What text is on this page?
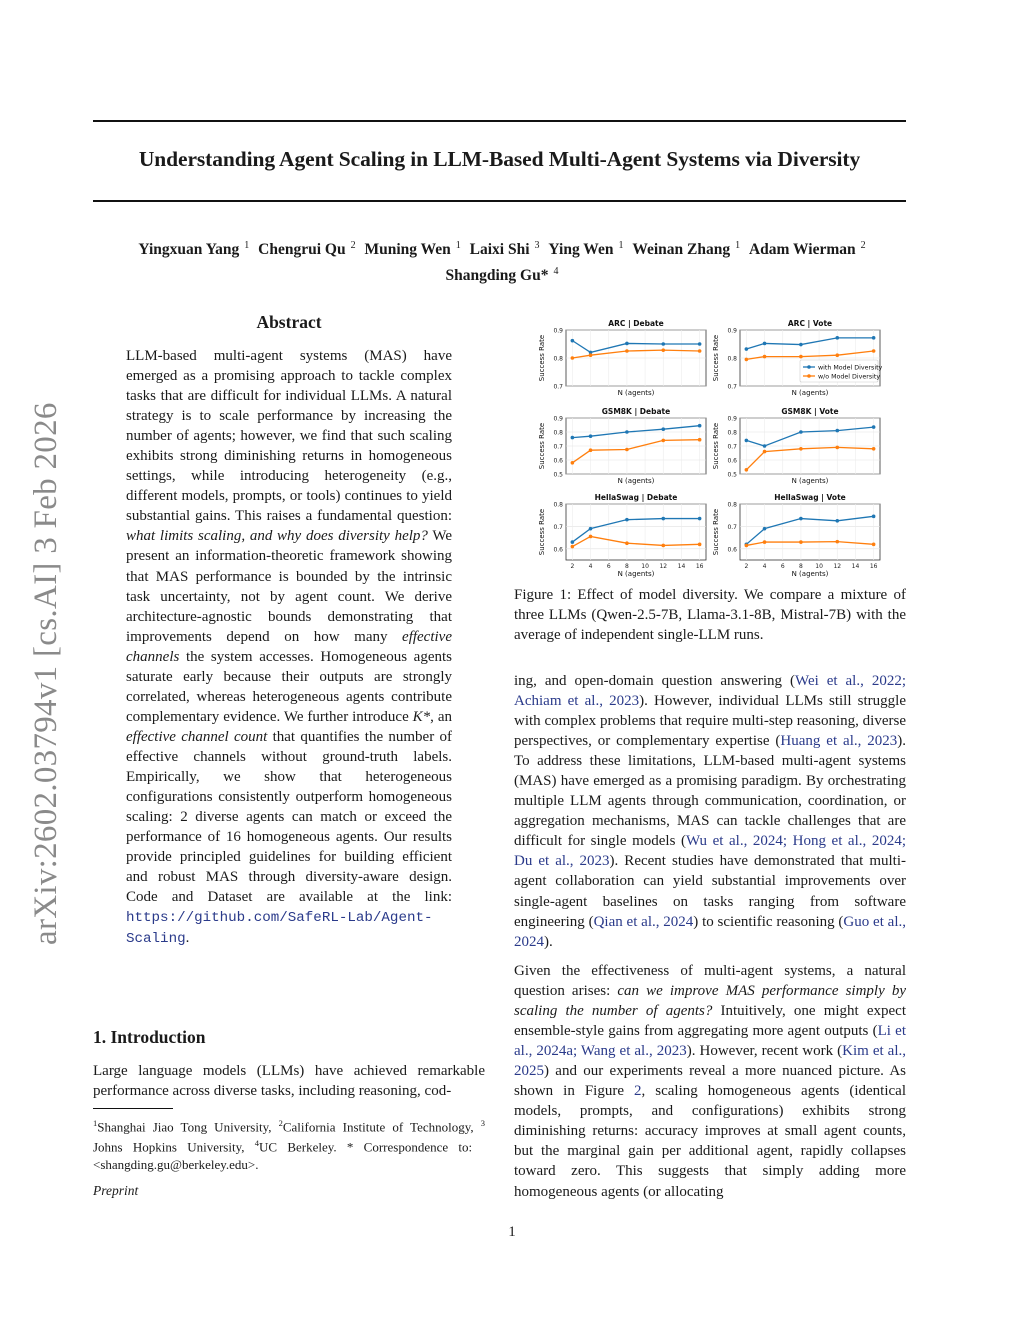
Understanding Agent Scaling in LLM-Based Multi-Agent Systems via Diversity
Yingxuan Yang $^1$ Chengrui Qu $^2$ Muning Wen $^1$ Laixi Shi $^3$ Ying Wen $^1$ Weinan Zhang $^1$ Adam Wierman $^2$
Shangding Gu* $^4$
arXiv:2602.03794v1 [cs.AI] 3 Feb 2026
Abstract

LLM-based multi-agent systems (MAS) have emerged as a promising approach to tackle complex tasks that are difficult for individual LLMs. A natural strategy is to scale performance by increasing the number of agents; however, we find that such scaling exhibits strong diminishing returns in homogeneous settings, while introducing heterogeneity (e.g., different models, prompts, or tools) continues to yield substantial gains. This raises a fundamental question: what limits scaling, and why does diversity help? We present an information-theoretic framework showing that MAS performance is bounded by the intrinsic task uncertainty, not by agent count. We derive architecture-agnostic bounds demonstrating that improvements depend on how many effective channels the system accesses. Homogeneous agents saturate early because their outputs are strongly correlated, whereas heterogeneous agents contribute complementary evidence. We further introduce K*, an effective channel count that quantifies the number of effective channels without ground-truth labels. Empirically, we show that heterogeneous configurations consistently outperform homogeneous scaling: 2 diverse agents can match or exceed the performance of 16 homogeneous agents. Our results provide principled guidelines for building efficient and robust MAS through diversity-aware design. Code and Dataset are available at the link: https://github.com/SafeRL-Lab/Agent-Scaling.

1. Introduction

Large language models (LLMs) have achieved remarkable performance across diverse tasks, including reasoning, cod-

$^1$Shanghai Jiao Tong University, $^2$California Institute of Technology, $^3$ Johns Hopkins University, $^4$UC Berkeley. * Correspondence to:  <shangding.gu@berkeley.edu>.
Preprint
1
0.7
0.8
0.9
ARC | Debate
N (agents)
Success Rate
0.7
0.8
0.9
ARC | Vote
N (agents)
Success Rate	with Model Diversity
w/o Model Diversity
0.5
0.6
0.7
0.8
0.9
GSM8K | Debate
N (agents)
Success Rate
0.5
0.6
0.7
0.8
0.9
GSM8K | Vote
N (agents)
Success Rate
0.6
0.7
0.8
2 4 6 8 10 12 14 16
HellaSwag | Debate
N (agents)
Success Rate	0.6
0.7
0.8
2 4 6 8 10 12 14 16
HellaSwag | Vote
N (agents)
Success Rate
Figure 1: Effect of model diversity. We compare a mixture of three LLMs (Qwen-2.5-7B, Llama-3.1-8B, Mistral-7B) with the average of independent single-LLM runs.

ing, and open-domain question answering (Wei et al., 2022; Achiam et al., 2023). However, individual LLMs still struggle with complex problems that require multi-step reasoning, diverse perspectives, or complementary expertise (Huang et al., 2023). To address these limitations, LLM-based multi-agent systems (MAS) have emerged as a promising paradigm. By orchestrating multiple LLM agents through communication, coordination, or aggregation mechanisms, MAS can tackle challenges that are difficult for single models (Wu et al., 2024; Hong et al., 2024; Du et al., 2023). Recent studies have demonstrated that multi-agent collaboration can yield substantial improvements over single-agent baselines on tasks ranging from software engineering (Qian et al., 2024) to scientific reasoning (Guo et al., 2024).

Given the effectiveness of multi-agent systems, a natural question arises: can we improve MAS performance simply by scaling the number of agents? Intuitively, one might expect ensemble-style gains from aggregating more agent outputs (Li et al., 2024a; Wang et al., 2023). However, recent work (Kim et al., 2025) and our experiments reveal a more nuanced picture. As shown in Figure 2, scaling homogeneous agents (identical models, prompts, and configurations) exhibits strong diminishing returns: accuracy improves at small agent counts, but the marginal gain per additional agent, rapidly collapses toward zero. This suggests that simply adding more homogeneous agents (or allocating
